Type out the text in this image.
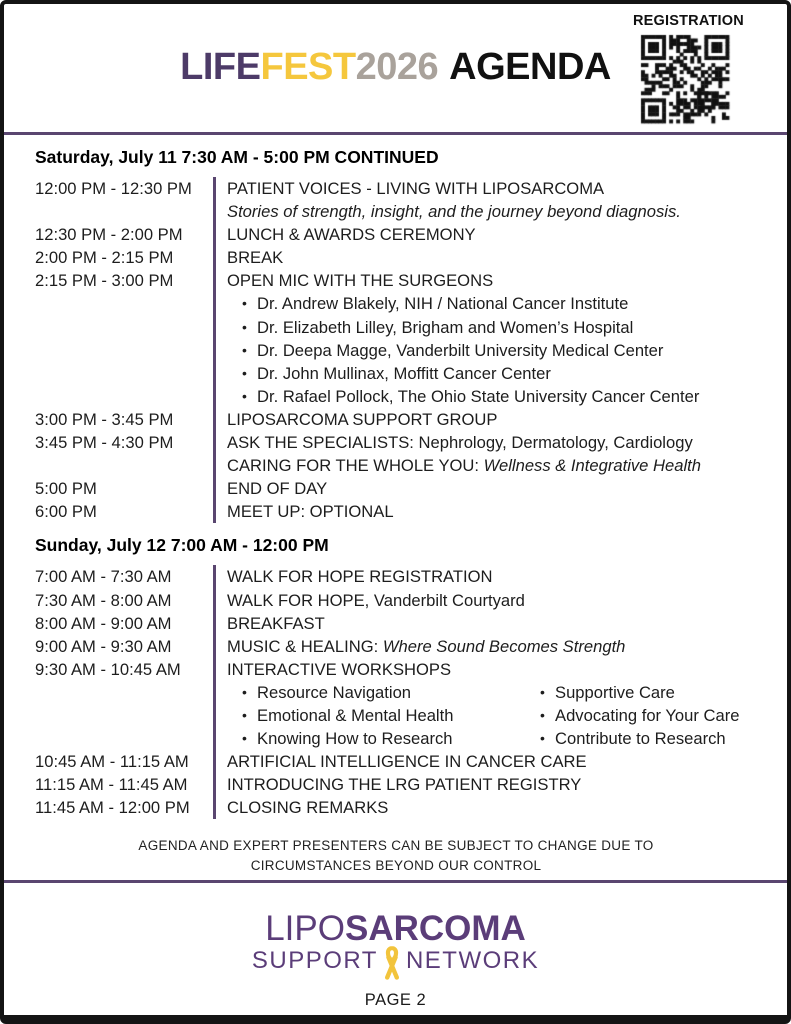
LIFEFEST2026 AGENDA
REGISTRATION
Saturday, July 11 7:30 AM - 5:00 PM CONTINUED
12:00 PM - 12:30 PM	PATIENT VOICES - LIVING WITH LIPOSARCOMA
Stories of strength, insight, and the journey beyond diagnosis.
12:30 PM - 2:00 PM	LUNCH & AWARDS CEREMONY
2:00 PM - 2:15 PM	BREAK
2:15 PM - 3:00 PM	OPEN MIC WITH THE SURGEONS
• Dr. Andrew Blakely, NIH / National Cancer Institute
• Dr. Elizabeth Lilley, Brigham and Women’s Hospital
• Dr. Deepa Magge, Vanderbilt University Medical Center
• Dr. John Mullinax, Moffitt Cancer Center
• Dr. Rafael Pollock, The Ohio State University Cancer Center
3:00 PM - 3:45 PM	LIPOSARCOMA SUPPORT GROUP
3:45 PM - 4:30 PM	ASK THE SPECIALISTS: Nephrology, Dermatology, Cardiology
CARING FOR THE WHOLE YOU: Wellness & Integrative Health
5:00 PM	END OF DAY
6:00 PM	MEET UP: OPTIONAL
Sunday, July 12 7:00 AM - 12:00 PM
7:00 AM - 7:30 AM	WALK FOR HOPE REGISTRATION
7:30 AM - 8:00 AM	WALK FOR HOPE, Vanderbilt Courtyard
8:00 AM - 9:00 AM	BREAKFAST
9:00 AM - 9:30 AM	MUSIC & HEALING: Where Sound Becomes Strength
9:30 AM - 10:45 AM	INTERACTIVE WORKSHOPS
• Resource Navigation
• Emotional & Mental Health
• Knowing How to Research
• Supportive Care
• Advocating for Your Care
• Contribute to Research
10:45 AM - 11:15 AM	ARTIFICIAL INTELLIGENCE IN CANCER CARE
11:15 AM - 11:45 AM	INTRODUCING THE LRG PATIENT REGISTRY
11:45 AM - 12:00 PM	CLOSING REMARKS
AGENDA AND EXPERT PRESENTERS CAN BE SUBJECT TO CHANGE DUE TO
CIRCUMSTANCES BEYOND OUR CONTROL
LIPOSARCOMA
SUPPORT NETWORK
PAGE 2
